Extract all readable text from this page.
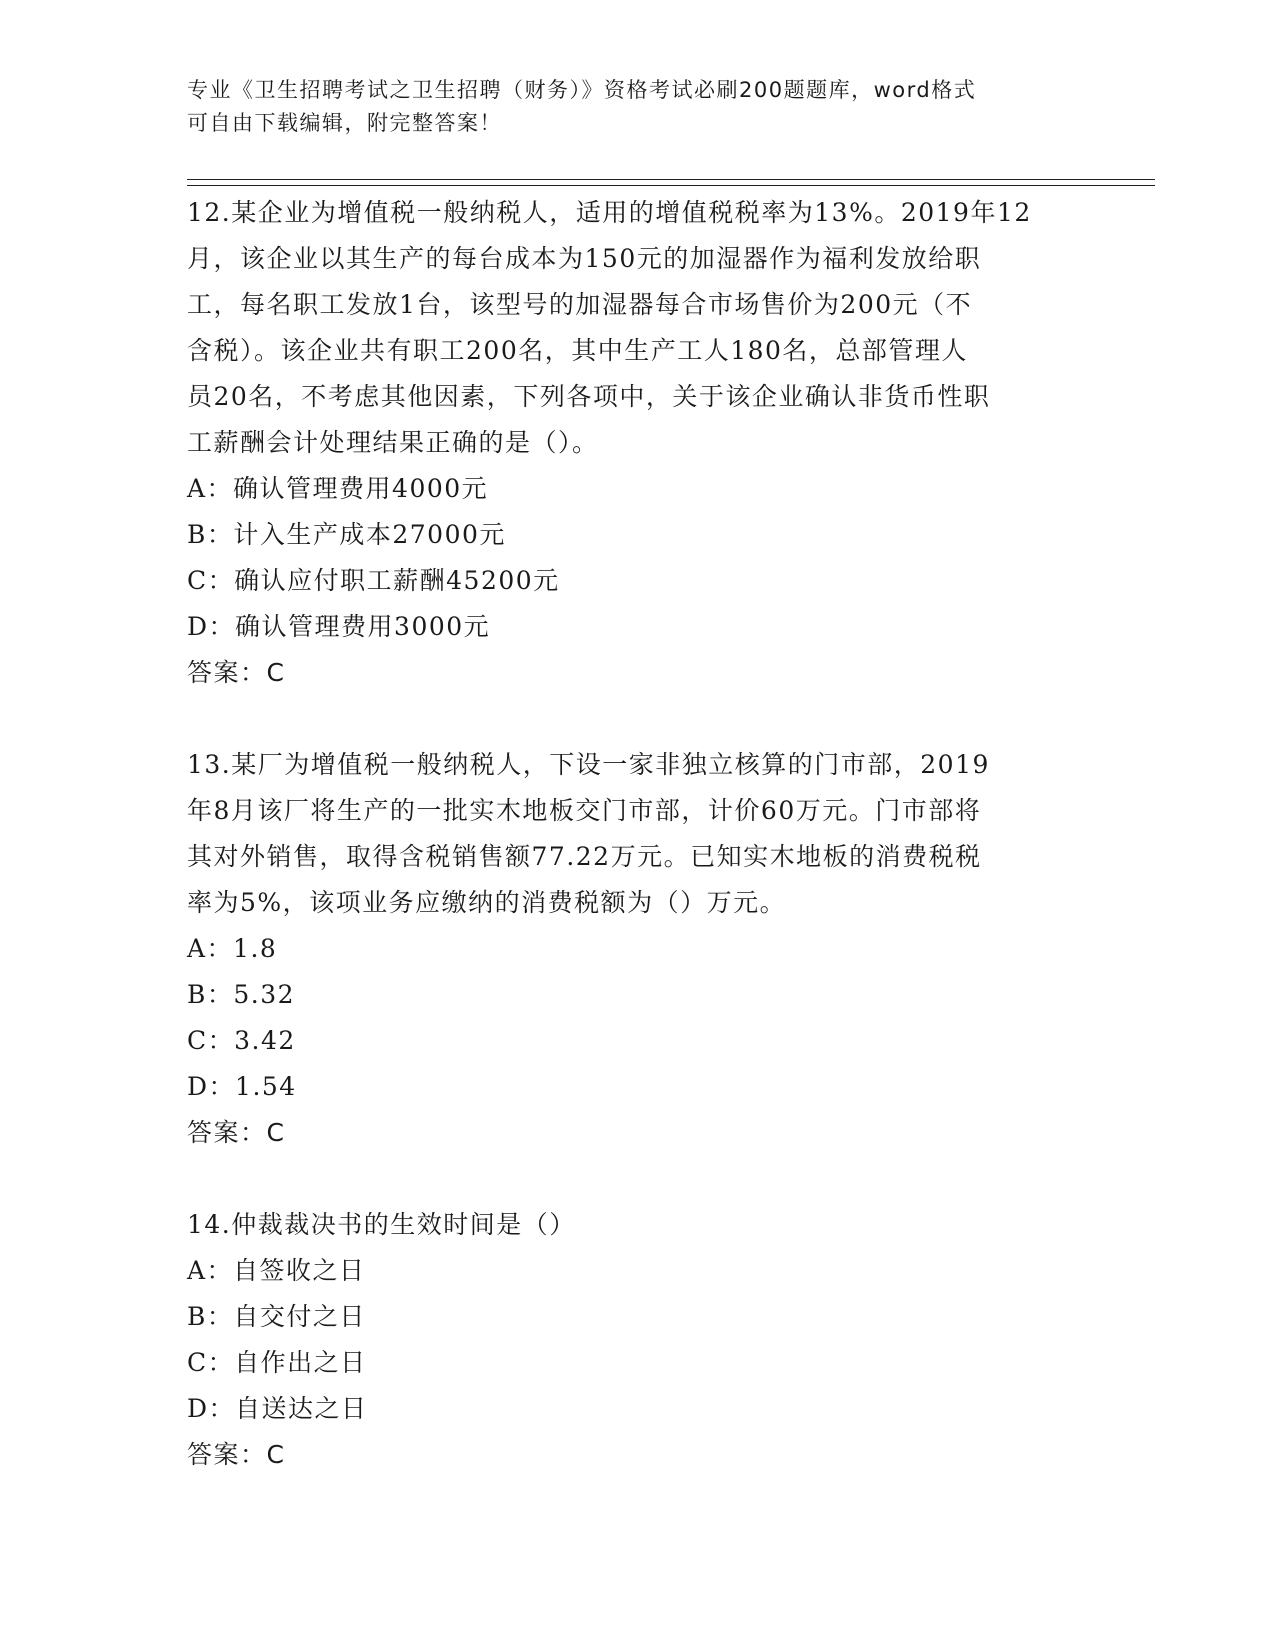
专业《卫生招聘考试之卫生招聘（财务）》资格考试必刷200题题库，word格式
可自由下载编辑，附完整答案！
12.某企业为增值税一般纳税人，适用的增值税税率为13%。2019年12
月，该企业以其生产的每台成本为150元的加湿器作为福利发放给职
工，每名职工发放1台，该型号的加湿器每合市场售价为200元（不
含税）。该企业共有职工200名，其中生产工人180名，总部管理人
员20名，不考虑其他因素，下列各项中，关于该企业确认非货币性职
工薪酬会计处理结果正确的是（）。
A：确认管理费用4000元
B：计入生产成本27000元
C：确认应付职工薪酬45200元
D：确认管理费用3000元
答案：C
13.某厂为增值税一般纳税人，下设一家非独立核算的门市部，2019
年8月该厂将生产的一批实木地板交门市部，计价60万元。门市部将
其对外销售，取得含税销售额77.22万元。已知实木地板的消费税税
率为5%，该项业务应缴纳的消费税额为（）万元。
A：1.8
B：5.32
C：3.42
D：1.54
答案：C
14.仲裁裁决书的生效时间是（）
A：自签收之日
B：自交付之日
C：自作出之日
D：自送达之日
答案：C
